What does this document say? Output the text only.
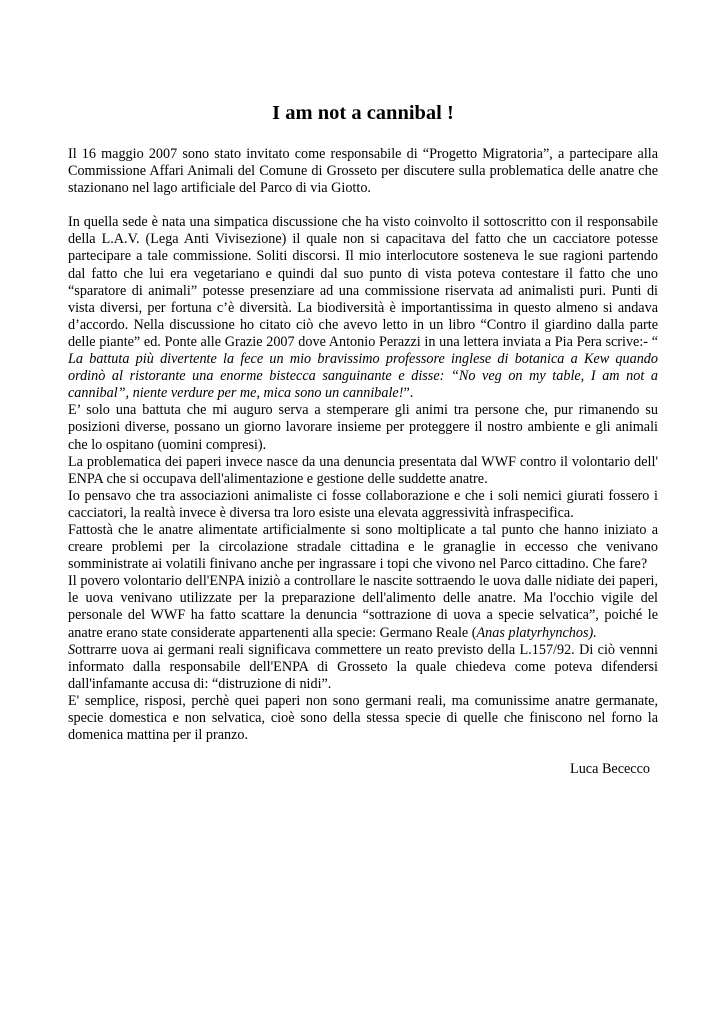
I am not a cannibal !

Il 16 maggio 2007 sono stato invitato come responsabile di “Progetto Migratoria”, a partecipare alla Commissione Affari Animali del Comune di Grosseto per discutere sulla problematica delle anatre che stazionano nel lago artificiale del Parco di via Giotto.

In quella sede è nata una simpatica discussione che ha visto coinvolto il sottoscritto con il responsabile della L.A.V. (Lega Anti Vivisezione) il quale non si capacitava del fatto che un cacciatore potesse partecipare a tale commissione. Soliti discorsi. Il mio interlocutore sosteneva le sue ragioni partendo dal fatto che lui era vegetariano e quindi dal suo punto di vista poteva contestare il fatto che uno “sparatore di animali” potesse presenziare ad una commissione riservata ad animalisti puri. Punti di vista diversi, per fortuna c’è diversità. La biodiversità è importantissima in questo almeno si andava d’accordo. Nella discussione ho citato ciò che avevo letto in un libro “Contro il giardino dalla parte delle piante” ed. Ponte alle Grazie 2007 dove Antonio Perazzi in una lettera inviata a Pia Pera scrive:- “ La battuta più divertente la fece un mio bravissimo professore inglese di botanica a Kew quando ordinò al ristorante una enorme bistecca sanguinante e disse: “No veg on my table, I am not a cannibal”, niente verdure per me, mica sono un cannibale!”.

E’ solo una battuta che mi auguro serva a stemperare gli animi tra persone che, pur rimanendo su posizioni diverse, possano un giorno lavorare insieme per proteggere il nostro ambiente e gli animali che lo ospitano (uomini compresi).

La problematica dei paperi invece nasce da una denuncia presentata dal WWF contro il volontario dell' ENPA che si occupava dell'alimentazione e gestione delle suddette anatre.

Io pensavo che tra associazioni animaliste ci fosse collaborazione e che i soli nemici giurati fossero i cacciatori, la realtà invece è diversa tra loro esiste una elevata aggressività infraspecifica.

Fattostà che le anatre alimentate artificialmente si sono moltiplicate a tal punto che hanno iniziato a creare problemi per la circolazione stradale cittadina e le granaglie in eccesso che venivano somministrate ai volatili finivano anche per ingrassare i topi che vivono nel Parco cittadino. Che fare?

Il povero volontario dell'ENPA iniziò a controllare le nascite sottraendo le uova dalle nidiate dei paperi, le uova venivano utilizzate per la preparazione dell'alimento delle anatre. Ma l'occhio vigile del personale del WWF ha fatto scattare la denuncia “sottrazione di uova a specie selvatica”, poiché le anatre erano state considerate appartenenti alla specie: Germano Reale (Anas platyrhynchos).

Sottrarre uova ai germani reali significava commettere un reato previsto della L.157/92. Di ciò vennni informato dalla responsabile dell'ENPA di Grosseto la quale chiedeva come poteva difendersi dall'infamante accusa di: “distruzione di nidi”.

E' semplice, risposi, perchè quei paperi non sono germani reali, ma comunissime anatre germanate, specie domestica e non selvatica, cioè sono della stessa specie di quelle che finiscono nel forno la domenica mattina per il pranzo.

Luca Bececco
